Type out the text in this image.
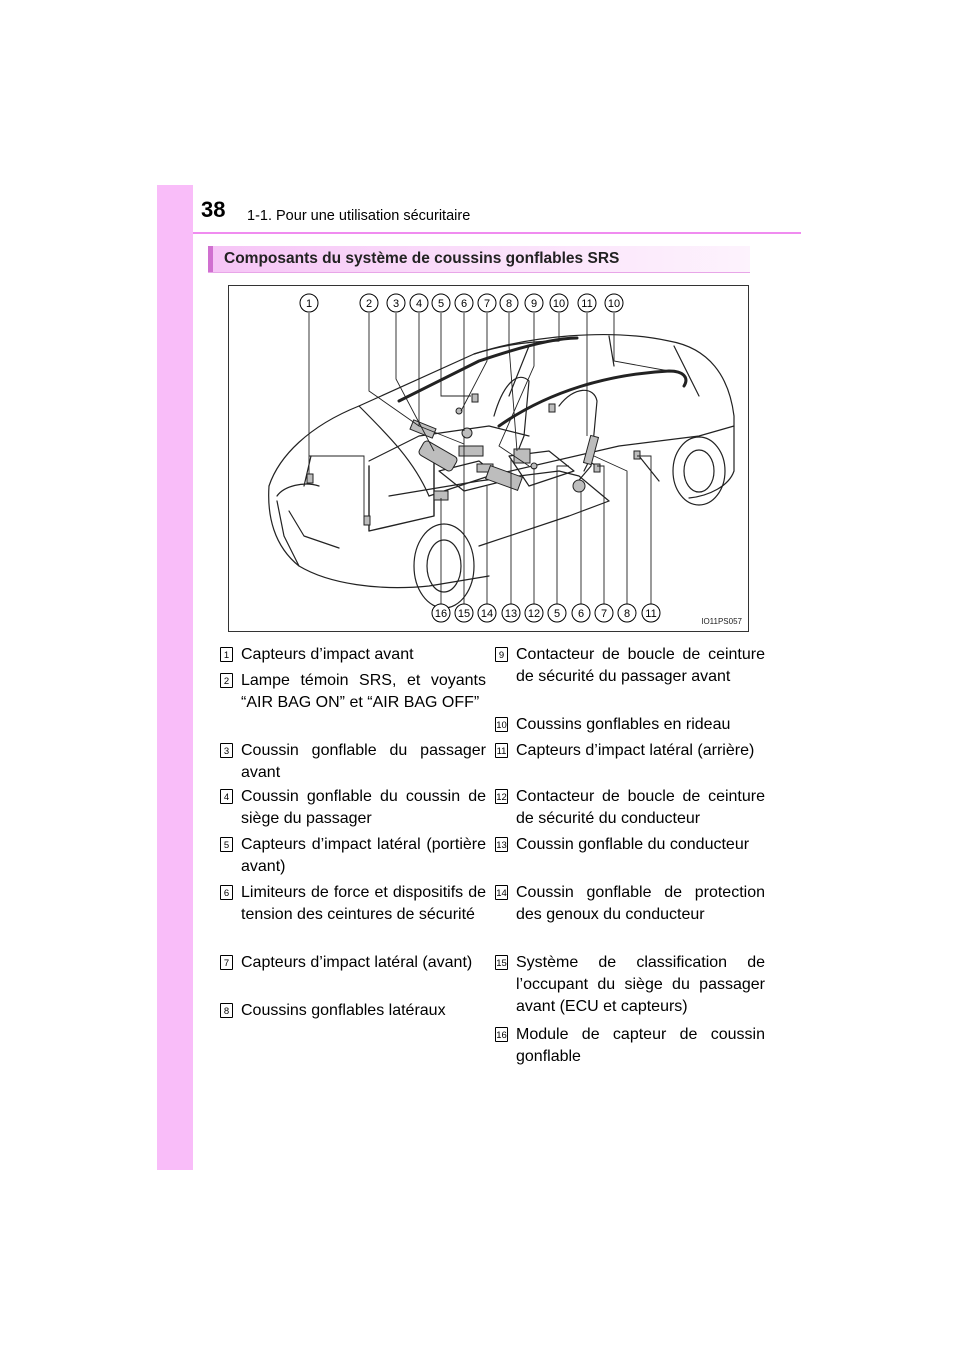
38 1-1. Pour une utilisation sécuritaire
Composants du système de coussins gonflables SRS
1	2 3 4 5 6 7 8 9 10 11 10
16 15 14 13 12 5 6 7 8 11
IO11PS057
1 Capteurs d’impact avant
2 Lampe témoin SRS, et voyants “AIR BAG ON” et “AIR BAG OFF”
3 Coussin gonflable du passager avant
4 Coussin gonflable du coussin de siège du passager
5 Capteurs d’impact latéral (portière avant)
6 Limiteurs de force et dispositifs de tension des ceintures de sécurité
7 Capteurs d’impact latéral (avant)
8 Coussins gonflables latéraux
9 Contacteur de boucle de ceinture de sécurité du passager avant
10 Coussins gonflables en rideau
11 Capteurs d’impact latéral (arrière)
12 Contacteur de boucle de ceinture de sécurité du conducteur
13 Coussin gonflable du conducteur
14 Coussin gonflable de protection des genoux du conducteur
15 Système de classification de l’occupant du siège du passager avant (ECU et capteurs)
16 Module de capteur de coussin gonflable
